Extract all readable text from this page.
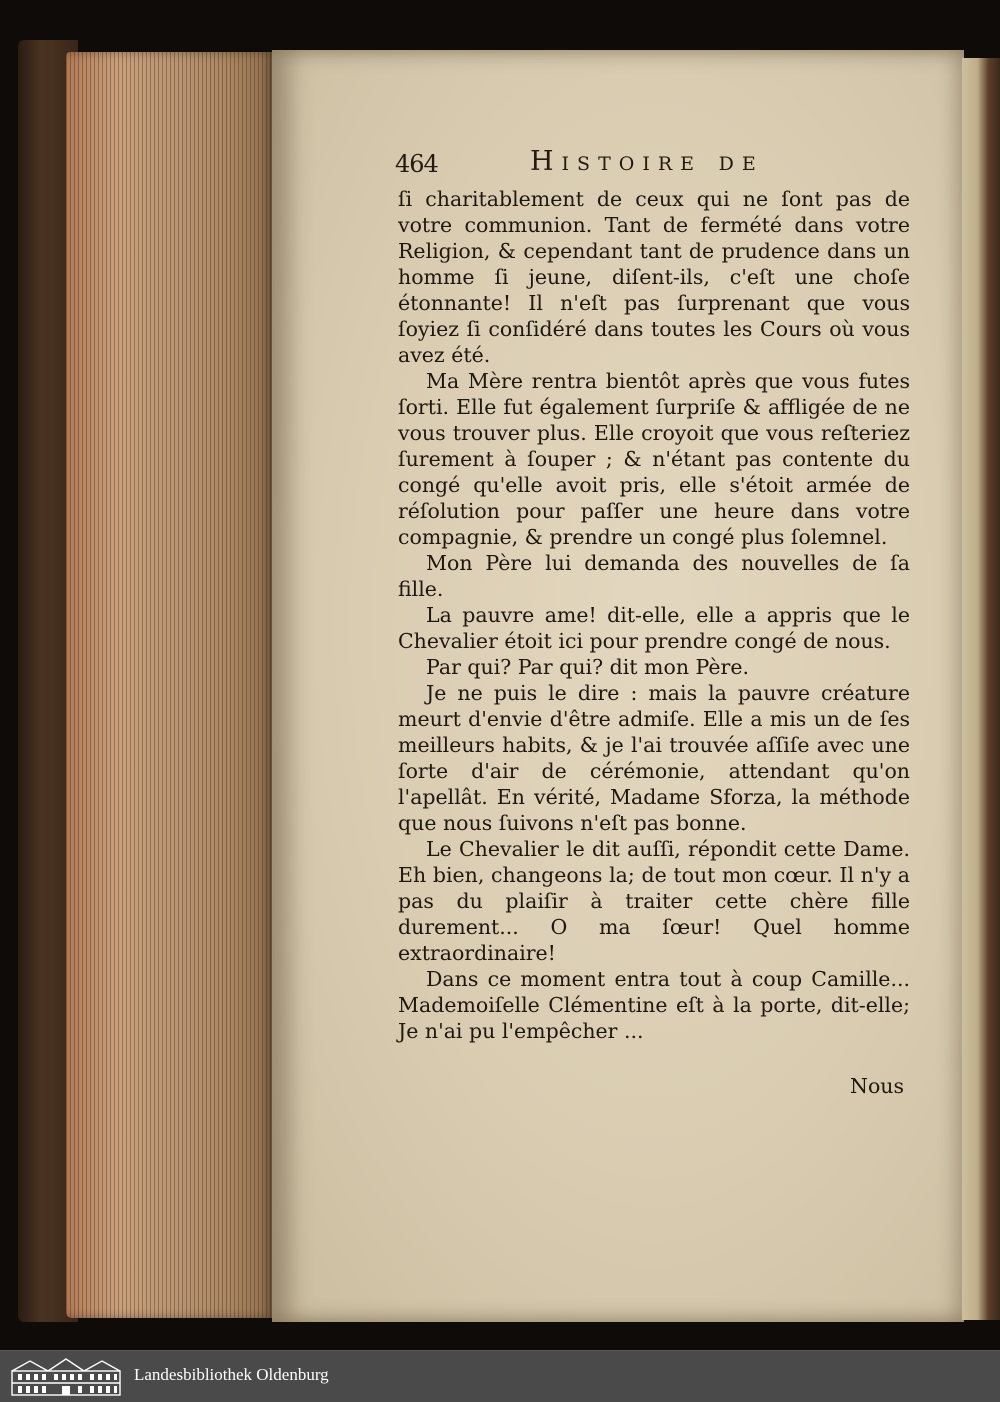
464	Histoire de

ſi charitablement de ceux qui ne ſont pas de votre communion. Tant de fermété dans votre Religion, & cependant tant de prudence dans un homme ſi jeune, diſent-ils, c'eſt une choſe étonnante! Il n'eſt pas ſurprenant que vous ſoyiez ſi conſidéré dans toutes les Cours où vous avez été.

Ma Mère rentra bientôt après que vous futes ſorti. Elle fut également ſurpriſe & affligée de ne vous trouver plus. Elle croyoit que vous reſteriez ſurement à ſouper ; & n'étant pas contente du congé qu'elle avoit pris, elle s'étoit armée de réſolution pour paſſer une heure dans votre compagnie, & prendre un congé plus ſolemnel.

Mon Père lui demanda des nouvelles de ſa fille.

La pauvre ame! dit-elle, elle a appris que le Chevalier étoit ici pour prendre congé de nous.

Par qui? Par qui? dit mon Père.

Je ne puis le dire : mais la pauvre créature meurt d'envie d'être admiſe. Elle a mis un de ſes meilleurs habits, & je l'ai trouvée aſſiſe avec une ſorte d'air de cérémonie, attendant qu'on l'apellât. En vérité, Madame Sforza, la méthode que nous ſuivons n'eſt pas bonne.

Le Chevalier le dit auſſi, répondit cette Dame. Eh bien, changeons la; de tout mon cœur. Il n'y a pas du plaiſir à traiter cette chère fille durement... O ma ſœur! Quel homme extraordinaire!

Dans ce moment entra tout à coup Camille... Mademoiſelle Clémentine eſt à la porte, dit-elle; Je n'ai pu l'empêcher ...

Nous
Landesbibliothek Oldenburg
